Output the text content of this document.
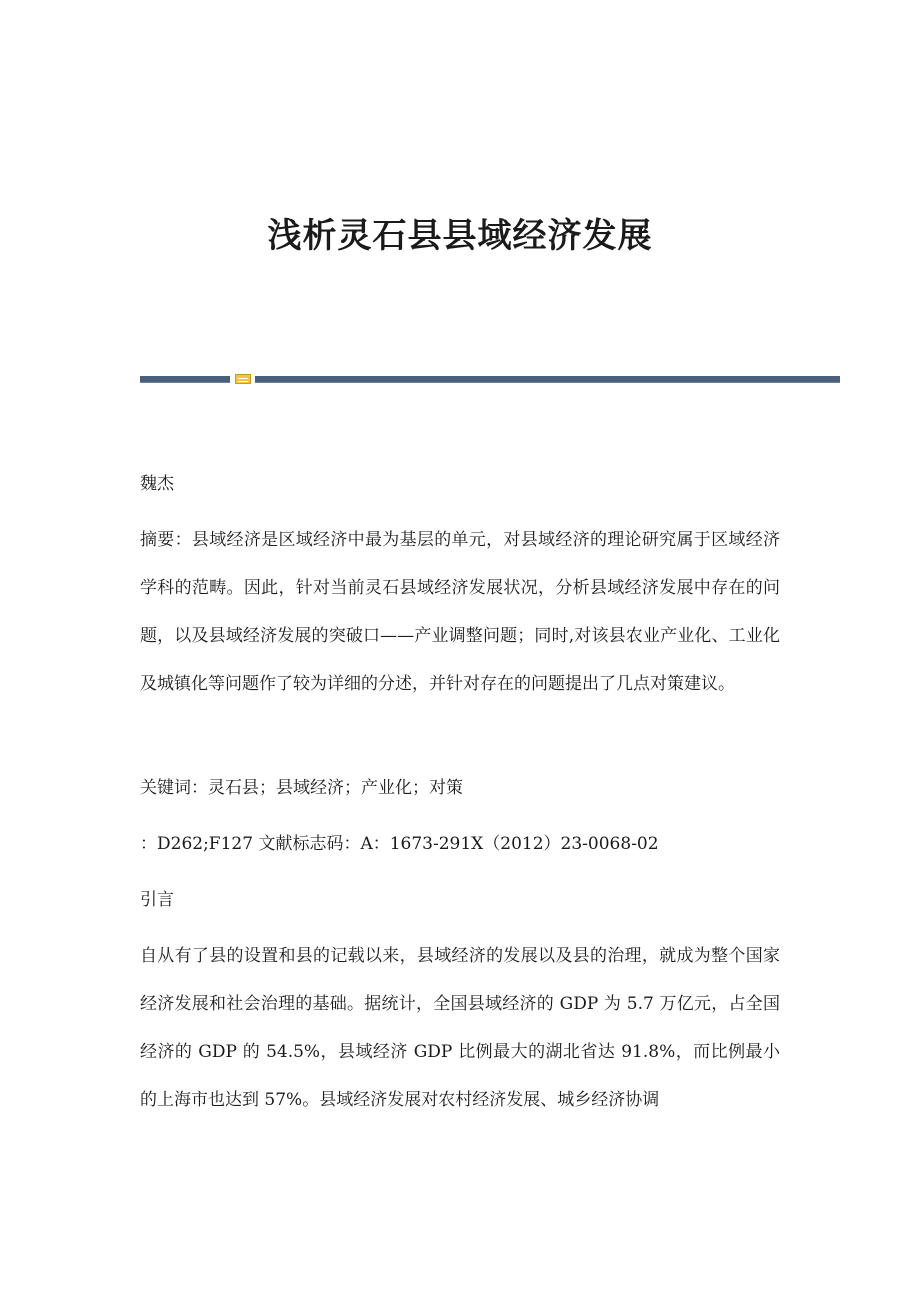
浅析灵石县县域经济发展
魏杰
摘要：县域经济是区域经济中最为基层的单元，对县域经济的理论研究属于区域经济学科的范畴。因此，针对当前灵石县域经济发展状况，分析县域经济发展中存在的问题，以及县域经济发展的突破口——产业调整问题；同时,对该县农业产业化、工业化及城镇化等问题作了较为详细的分述，并针对存在的问题提出了几点对策建议。
关键词：灵石县；县域经济；产业化；对策
：D262;F127 文献标志码：A：1673-291X（2012）23-0068-02
引言
自从有了县的设置和县的记载以来，县域经济的发展以及县的治理，就成为整个国家经济发展和社会治理的基础。据统计，全国县域经济的 GDP 为 5.7 万亿元，占全国经济的 GDP 的 54.5%，县域经济 GDP 比例最大的湖北省达 91.8%，而比例最小的上海市也达到 57%。县域经济发展对农村经济发展、城乡经济协调
